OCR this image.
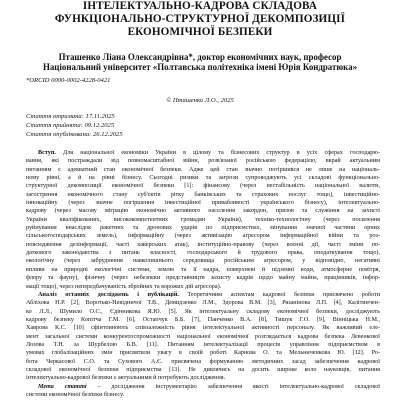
ІНТЕЛЕКТУАЛЬНО-КАДРОВА СКЛАДОВА
ФУНКЦІОНАЛЬНО-СТРУКТУРНОЇ ДЕКОМПОЗИЦІЇ
ЕКОНОМІЧНОЇ БЕЗПЕКИ
Пташенко Ліана Олександрівна*, доктор економічних наук, професор
Національний університет «Полтавська політехніка імені Юрія Кондратюка»
*ORCID 0000-0002-4228-0421
© Пташенко Л.О., 2025
Стаття отримана: 17.11.2025
Стаття прийнята: 09.12.2025
Стаття опублікована: 26.12.2025
Вступ. Для національної економіки України в цілому та бізнесових структур в усіх сферах господарю-
вання, які постраждали від повномасштабної війни, розв'язаної російською федерацією, вкрай актуальним
питанням є адекватний стан економічної безпеки. Адже цей стан значно погіршився не лише на національ-
ному рівні, а й на рівні бізнесу. Сьогодні ризики та загрози супроводжують усі складові функціонально-
структурної декомпозиції економічної безпеки [1]: фінансову (через нестабільність національної валюти,
загострення економічного стану суб'єктів рітку банківських та страхових послуг тощо), інвестиційно-
інноваційну (через значне погіршення інвестиційної привабливості українського бізнесу), інтелектуально-
кадрову (через масову міграцію економічно активного населення закордон, призов та служіння на захисті
України кваліфікованих, висококомпетентних громадян України), техніко-технологічну (через посилення
руйнування внаслідок ракетних та дронових ударів по підприємствах, мінування значної частини орних
сільськогосподарських земель), інформаційну (через активізацію агресором інформаційної війни та роз-
повсюдження дезінформації, часті хакерських атак), інституційно-правову (через воєнні дії, часті зміни по-
даткового законодавства з питань власності, господарського й трудового права, оподаткування тощо),
екологічну (через забруднення навколишнього середовища російським агресором, у відповідно, негативні
впливи на природні екологічні системи, землю та її надра, поверхневі й підземні води, атмосферне повітря,
флору та фауну), фізичну (через небезпеки представництв захисту кадрів щодо майну майна, працівників, інфор-
мації тощо), через непередбачуваність збройних та ворожих дій агресора).
Аналіз останніх досліджень і публікацій. Теоретичним аспектам кадрової безпеки присвячено роботи
Абліхова Н.Р. [2], Воротько-Невідничої Т.В., Демидзенко Л.М., Здорова В.М. [3], Рязанінова Л.П. [4], Калітинчен-
ко Л.Л., Шумило О.С., Єдінникова Я.Ю. [5]. Як інтелектуальну складову економічної безпеки, досліджують
кадрову безпеку Копітча Г.М. [6], Остапчук Б.Б. [7], Панченко В.А. [8], Тишук Г.О. [9], Вінніцька Н.М.,
Хаврова К.С. [10] сфінтоиноють співзалежність рівня інтелектуальної активності персоналу. Як важливий еле-
мент загальної системи конкурентоспроможності національної економічної розглядається кадрова безпека Левенкової
Лозова Т.Н. за Шурбелою Б.В. [11]. Питанням інтелектуалізації процесів управління підприємством в
умовах глобалізаційних змін присвятили увагу в своїй роботі Карнова О. та Мельниченкова Ю. [12]. Ро-
бота Черкасової С.О. та Сухового А.Є. присвячена формуванню методичних засад забезпечення кадрової
складової економічної безпеки підприємства [13]. Не дивлячись на досить широке коло науковців, питання
інтелектуально-кадрової безпеки є актуальними й потребують дослідження.
Мета статті – дослідження інструментарію забезпечення якості інтелектуально-кадрової складової
системи економічної безпеки бізнесу.
